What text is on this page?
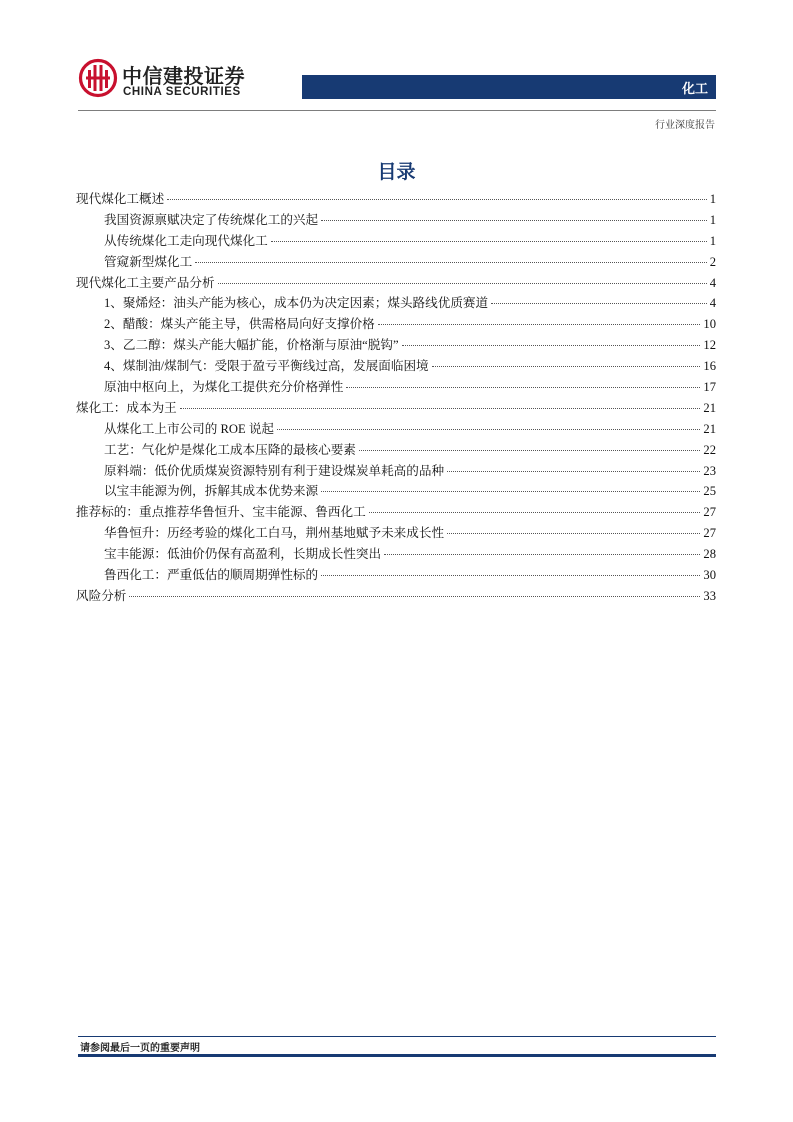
中信建投证券
CHINA SECURITIES	化工
行业深度报告
目录
现代煤化工概述	1
我国资源禀赋决定了传统煤化工的兴起	1
从传统煤化工走向现代煤化工	1
管窥新型煤化工	2
现代煤化工主要产品分析	4
1、聚烯烃：油头产能为核心，成本仍为决定因素；煤头路线优质赛道	4
2、醋酸：煤头产能主导，供需格局向好支撑价格	10
3、乙二醇：煤头产能大幅扩能，价格渐与原油“脱钩”	12
4、煤制油/煤制气：受限于盈亏平衡线过高，发展面临困境	16
原油中枢向上，为煤化工提供充分价格弹性	17
煤化工：成本为王	21
从煤化工上市公司的 ROE 说起	21
工艺：气化炉是煤化工成本压降的最核心要素	22
原料端：低价优质煤炭资源特别有利于建设煤炭单耗高的品种	23
以宝丰能源为例，拆解其成本优势来源	25
推荐标的：重点推荐华鲁恒升、宝丰能源、鲁西化工	27
华鲁恒升：历经考验的煤化工白马，荆州基地赋予未来成长性	27
宝丰能源：低油价仍保有高盈利，长期成长性突出	28
鲁西化工：严重低估的顺周期弹性标的	30
风险分析	33
请参阅最后一页的重要声明
